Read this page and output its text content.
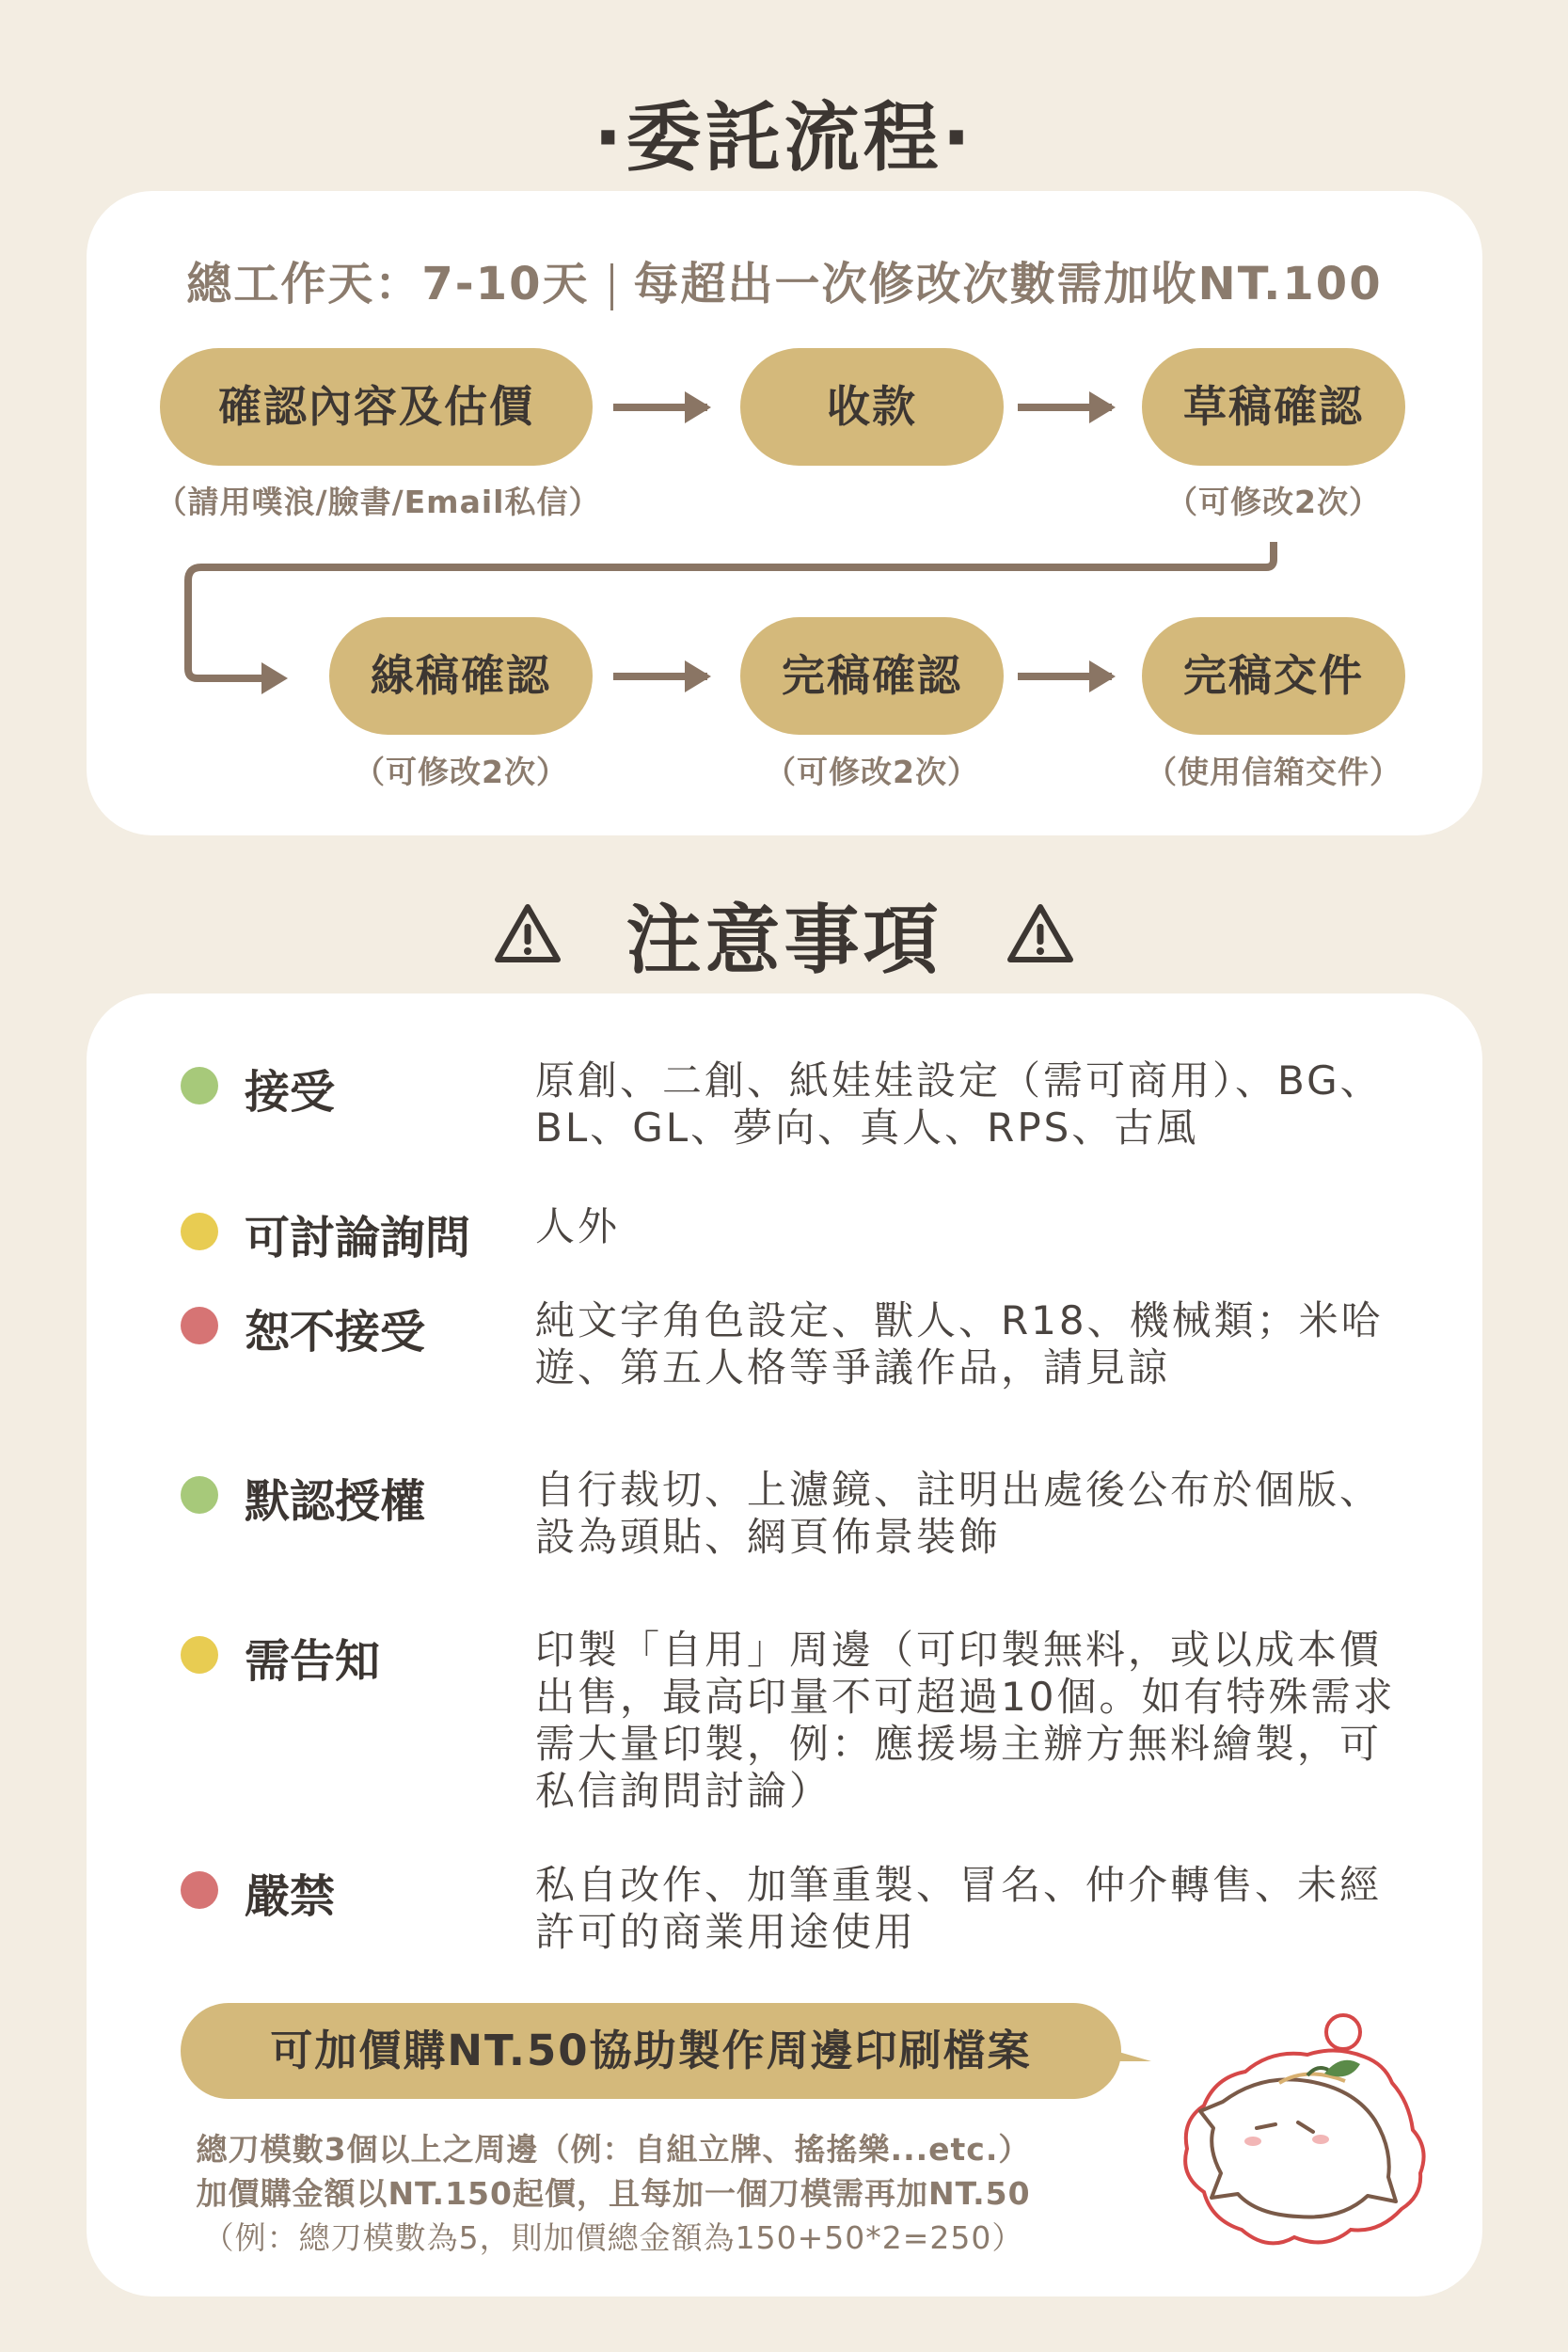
·委託流程·
總工作天：7-10天 每超出一次修改次數需加收NT.100
確認內容及估價	收款	草稿確認
（請用噗浪/臉書/Email私信）	（可修改2次）
線稿確認	完稿確認	完稿交件
（可修改2次）	（可修改2次）	（使用信箱交件）
注意事項
接受	原創、二創、紙娃娃設定（需可商用）、BG、BL、GL、夢向、真人、RPS、古風
可討論詢問 人外
恕不接受	純文字角色設定、獸人、R18、機械類；米哈遊、第五人格等爭議作品，請見諒
默認授權	自行裁切、上濾鏡、註明出處後公布於個版、設為頭貼、網頁佈景裝飾
需告知	印製「自用」周邊（可印製無料，或以成本價出售，最高印量不可超過10個。如有特殊需求需大量印製，例：應援場主辦方無料繪製，可私信詢問討論）
嚴禁	私自改作、加筆重製、冒名、仲介轉售、未經許可的商業用途使用
可加價購NT.50協助製作周邊印刷檔案
總刀模數3個以上之周邊（例：自組立牌、搖搖樂...etc.）
加價購金額以NT.150起價，且每加一個刀模需再加NT.50
（例：總刀模數為5，則加價總金額為150+50*2=250）
